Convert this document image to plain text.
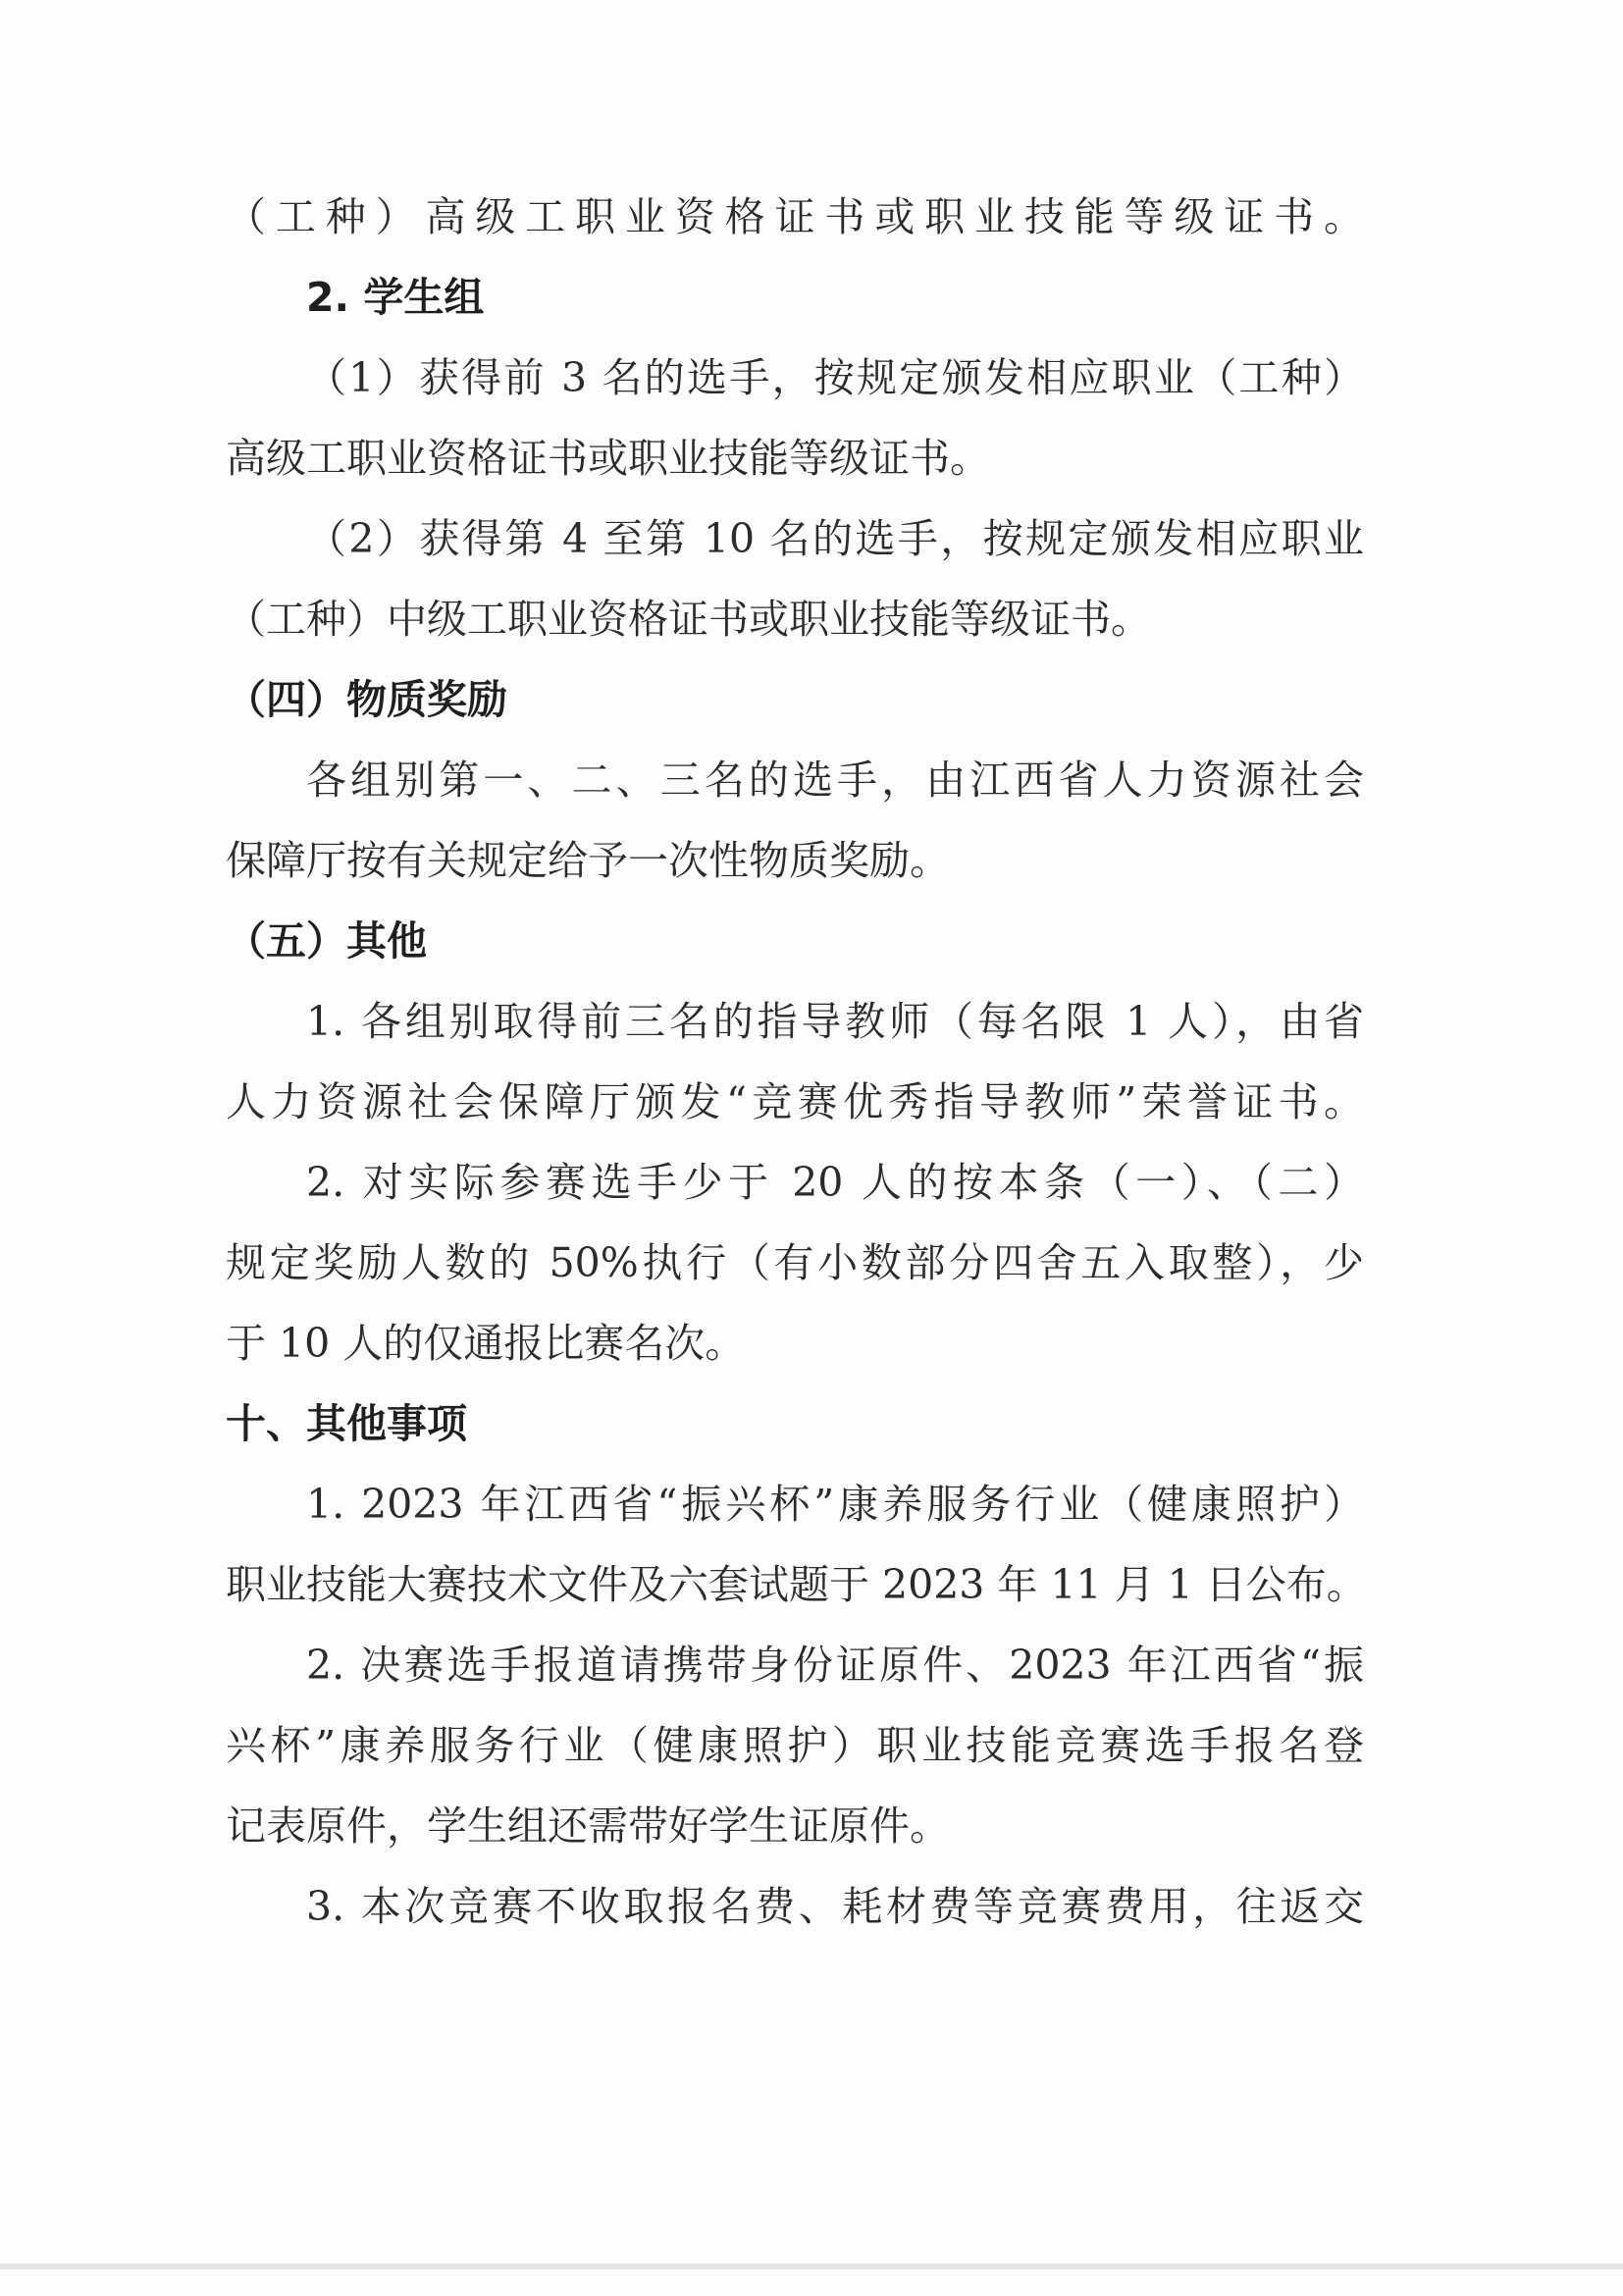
（工种）高级工职业资格证书或职业技能等级证书。
2. 学生组
（1）获得前 3 名的选手，按规定颁发相应职业（工种）
高级工职业资格证书或职业技能等级证书。
（2）获得第 4 至第 10 名的选手，按规定颁发相应职业
（工种）中级工职业资格证书或职业技能等级证书。
（四）物质奖励
各组别第一、二、三名的选手，由江西省人力资源社会
保障厅按有关规定给予一次性物质奖励。
（五）其他
1. 各组别取得前三名的指导教师（每名限 1 人），由省
人力资源社会保障厅颁发“竞赛优秀指导教师”荣誉证书。
2. 对实际参赛选手少于 20 人的按本条（一）、（二）
规定奖励人数的 50%执行（有小数部分四舍五入取整），少
于 10 人的仅通报比赛名次。
十、其他事项
1. 2023 年江西省“振兴杯”康养服务行业（健康照护）
职业技能大赛技术文件及六套试题于 2023 年 11 月 1 日公布。
2. 决赛选手报道请携带身份证原件、2023 年江西省“振
兴杯”康养服务行业（健康照护）职业技能竞赛选手报名登
记表原件，学生组还需带好学生证原件。
3. 本次竞赛不收取报名费、耗材费等竞赛费用，往返交
